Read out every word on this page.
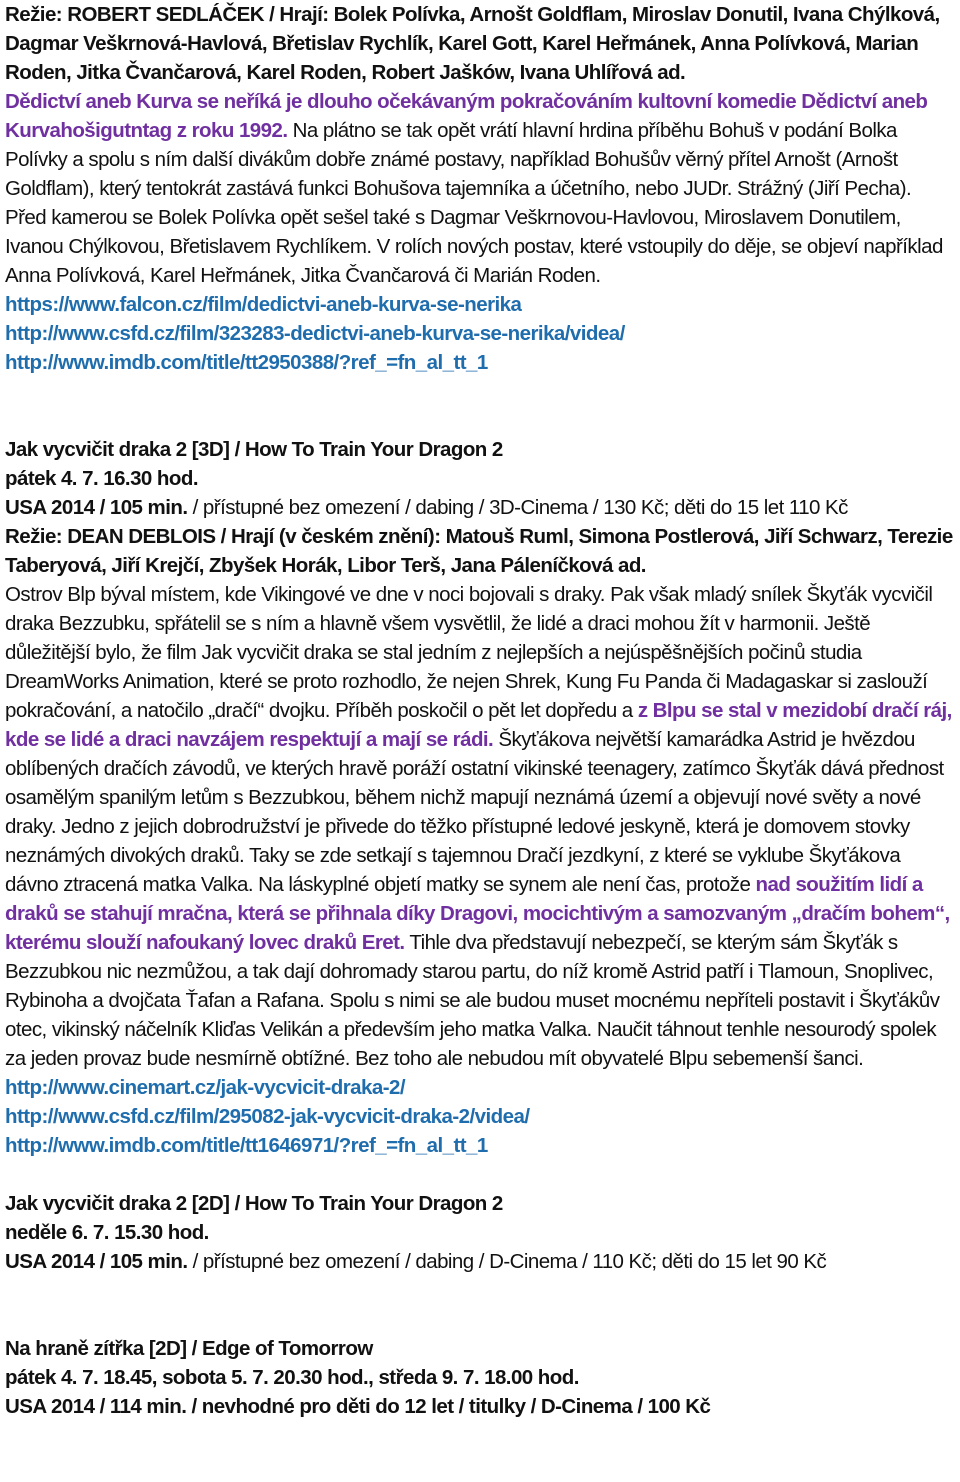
Režie: ROBERT SEDLÁČEK / Hrají: Bolek Polívka, Arnošt Goldflam, Miroslav Donutil, Ivana Chýlková, Dagmar Veškrnová-Havlová, Břetislav Rychlík, Karel Gott, Karel Heřmánek, Anna Polívková, Marian Roden, Jitka Čvančarová, Karel Roden, Robert Jašków, Ivana Uhlířová ad.

Dědictví aneb Kurva se neříká je dlouho očekávaným pokračováním kultovní komedie Dědictví aneb Kurvahošigutntag z roku 1992. Na plátno se tak opět vrátí hlavní hrdina příběhu Bohuš v podání Bolka Polívky a spolu s ním další divákům dobře známé postavy, například Bohušův věrný přítel Arnošt (Arnošt Goldflam), který tentokrát zastává funkci Bohušova tajemníka a účetního, nebo JUDr. Strážný (Jiří Pecha). Před kamerou se Bolek Polívka opět sešel také s Dagmar Veškrnovou-Havlovou, Miroslavem Donutilem, Ivanou Chýlkovou, Břetislavem Rychlíkem. V rolích nových postav, které vstoupily do děje, se objeví například Anna Polívková, Karel Heřmánek, Jitka Čvančarová či Marián Roden.

https://www.falcon.cz/film/dedictvi-aneb-kurva-se-nerika

http://www.csfd.cz/film/323283-dedictvi-aneb-kurva-se-nerika/videa/

http://www.imdb.com/title/tt2950388/?ref_=fn_al_tt_1

Jak vycvičit draka 2 [3D] / How To Train Your Dragon 2

pátek 4. 7. 16.30 hod.

USA 2014 / 105 min. / přístupné bez omezení / dabing / 3D-Cinema / 130 Kč; děti do 15 let 110 Kč

Režie: DEAN DEBLOIS / Hrají (v českém znění): Matouš Ruml, Simona Postlerová, Jiří Schwarz, Terezie Taberyová, Jiří Krejčí, Zbyšek Horák, Libor Terš, Jana Páleníčková ad.

Ostrov Blp býval místem, kde Vikingové ve dne v noci bojovali s draky. Pak však mladý snílek Škyťák vycvičil draka Bezzubku, spřátelil se s ním a hlavně všem vysvětlil, že lidé a draci mohou žít v harmonii. Ještě důležitější bylo, že film Jak vycvičit draka se stal jedním z nejlepších a nejúspěšnějších počinů studia DreamWorks Animation, které se proto rozhodlo, že nejen Shrek, Kung Fu Panda či Madagaskar si zaslouží pokračování, a natočilo „dračí“ dvojku. Příběh poskočil o pět let dopředu a z Blpu se stal v mezidobí dračí ráj, kde se lidé a draci navzájem respektují a mají se rádi. Škyťákova největší kamarádka Astrid je hvězdou oblíbených dračích závodů, ve kterých hravě poráží ostatní vikinské teenagery, zatímco Škyťák dává přednost osamělým spanilým letům s Bezzubkou, během nichž mapují neznámá území a objevují nové světy a nové draky. Jedno z jejich dobrodružství je přivede do těžko přístupné ledové jeskyně, která je domovem stovky neznámých divokých draků. Taky se zde setkají s tajemnou Dračí jezdkyní, z které se vyklube Škyťákova dávno ztracená matka Valka. Na láskyplné objetí matky se synem ale není čas, protože nad soužitím lidí a draků se stahují mračna, která se přihnala díky Dragovi, mocichtivým a samozvaným „dračím bohem“, kterému slouží nafoukaný lovec draků Eret. Tihle dva představují nebezpečí, se kterým sám Škyťák s Bezzubkou nic nezmůžou, a tak dají dohromady starou partu, do níž kromě Astrid patří i Tlamoun, Snoplivec, Rybinoha a dvojčata Ťafan a Rafana. Spolu s nimi se ale budou muset mocnému nepříteli postavit i Škyťákův otec, vikinský náčelník Kliďas Velikán a především jeho matka Valka. Naučit táhnout tenhle nesourodý spolek za jeden provaz bude nesmírně obtížné. Bez toho ale nebudou mít obyvatelé Blpu sebemenší šanci.

http://www.cinemart.cz/jak-vycvicit-draka-2/

http://www.csfd.cz/film/295082-jak-vycvicit-draka-2/videa/

http://www.imdb.com/title/tt1646971/?ref_=fn_al_tt_1

Jak vycvičit draka 2 [2D] / How To Train Your Dragon 2

neděle 6. 7. 15.30 hod.

USA 2014 / 105 min. / přístupné bez omezení / dabing / D-Cinema / 110 Kč; děti do 15 let 90 Kč

Na hraně zítřka [2D] / Edge of Tomorrow

pátek 4. 7. 18.45, sobota 5. 7. 20.30 hod., středa 9. 7. 18.00 hod.

USA 2014 / 114 min. / nevhodné pro děti do 12 let / titulky / D-Cinema / 100 Kč
